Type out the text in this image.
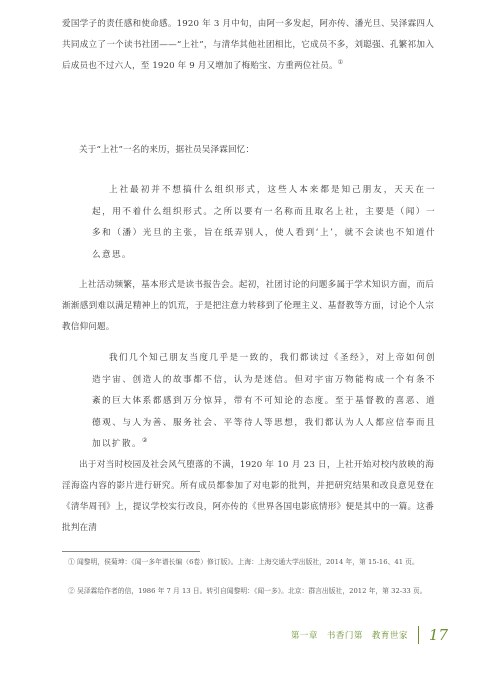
爱国学子的责任感和使命感。1920 年 3 月中旬，由阿一多发起，阿亦传、潘光旦、吴泽霖四人共同成立了一个读书社团——“上社”，与清华其他社团相比，它成员不多，刘聪强、孔繁祁加入后成员也不过六人，至 1920 年 9 月又增加了梅贻宝、方重两位社员。①

关于“上社”一名的来历，据社员吴泽霖回忆：

上社最初并不想搞什么组织形式，这些人本来都是知己朋友，天天在一起，用不着什么组织形式。之所以要有一名称而且取名上社，主要是（闻）一多和（潘）光旦的主张，旨在纸弄别人，使人看到‘上’，就不会读也不知道什么意思。

上社活动频繁，基本形式是读书报告会。起初，社团讨论的问题多属于学术知识方面，而后渐渐感到难以满足精神上的饥荒，于是把注意力转移到了伦理主义、基督教等方面，讨论个人宗教信仰问题。

我们几个知己朋友当度几乎是一致的，我们都读过《圣经》，对上帝如何创造宇宙、创造人的故事都不信，认为是迷信。但对宇宙万物能构成一个有条不紊的巨大体系都感到万分惊异，带有不可知论的态度。至于基督教的喜恶、道德观、与人为善、服务社会、平等待人等思想，我们都认为人人都应信奉而且加以扩散。②

出于对当时校园及社会风气堕落的不满，1920 年 10 月 23 日，上社开始对校内放映的海淫海盗内容的影片进行研究。所有成员都参加了对电影的批判，并把研究结果和改良意见登在《清华周刊》上，提议学校实行改良，阿亦传的《世界各国电影底情形》便是其中的一篇。这番批判在清

① 闻黎明，侯菊坤：《闻一多年谱长编（6卷）修订版》。上海：上海交通大学出版社，2014 年，第 15-16、41 页。

② 吴泽霖给作者的信，1986 年 7 月 13 日。转引自闻黎明：《闻一多》。北京：群言出版社，2012 年，第 32-33 页。

第一章　书香门第　教育世家	17
